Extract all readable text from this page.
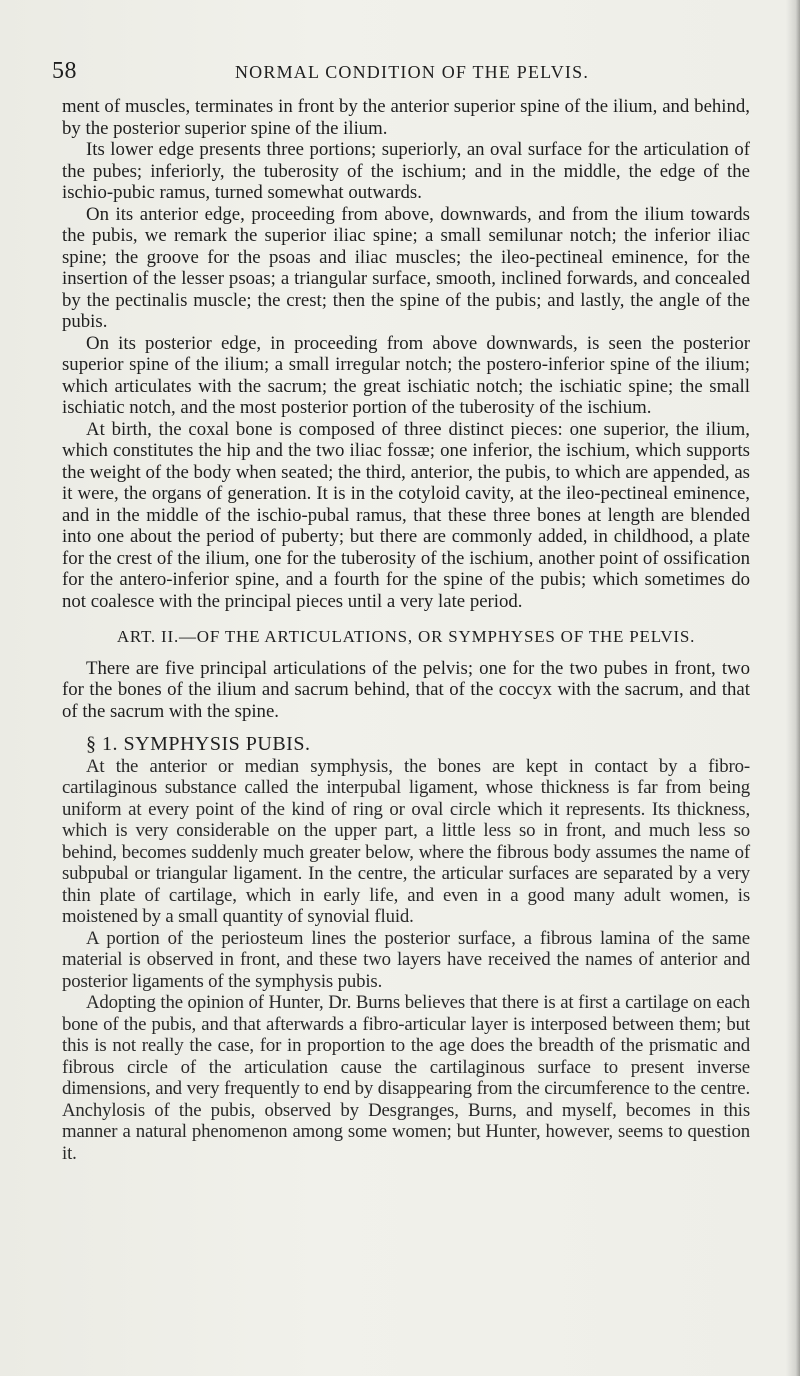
58	NORMAL CONDITION OF THE PELVIS.

ment of muscles, terminates in front by the anterior superior spine of the ilium, and behind, by the posterior superior spine of the ilium.

Its lower edge presents three portions; superiorly, an oval surface for the articulation of the pubes; inferiorly, the tuberosity of the ischium; and in the middle, the edge of the ischio-pubic ramus, turned somewhat outwards.

On its anterior edge, proceeding from above, downwards, and from the ilium towards the pubis, we remark the superior iliac spine; a small semilunar notch; the inferior iliac spine; the groove for the psoas and iliac muscles; the ileo-pectineal eminence, for the insertion of the lesser psoas; a triangular surface, smooth, inclined forwards, and concealed by the pectinalis muscle; the crest; then the spine of the pubis; and lastly, the angle of the pubis.

On its posterior edge, in proceeding from above downwards, is seen the posterior superior spine of the ilium; a small irregular notch; the postero-inferior spine of the ilium; which articulates with the sacrum; the great ischiatic notch; the ischiatic spine; the small ischiatic notch, and the most posterior portion of the tuberosity of the ischium.

At birth, the coxal bone is composed of three distinct pieces: one superior, the ilium, which constitutes the hip and the two iliac fossæ; one inferior, the ischium, which supports the weight of the body when seated; the third, anterior, the pubis, to which are appended, as it were, the organs of generation. It is in the cotyloid cavity, at the ileo-pectineal eminence, and in the middle of the ischio-pubal ramus, that these three bones at length are blended into one about the period of puberty; but there are commonly added, in childhood, a plate for the crest of the ilium, one for the tuberosity of the ischium, another point of ossification for the antero-inferior spine, and a fourth for the spine of the pubis; which sometimes do not coalesce with the principal pieces until a very late period.

ART. II.—OF THE ARTICULATIONS, OR SYMPHYSES OF THE PELVIS.

There are five principal articulations of the pelvis; one for the two pubes in front, two for the bones of the ilium and sacrum behind, that of the coccyx with the sacrum, and that of the sacrum with the spine.

§ 1. SYMPHYSIS PUBIS.

At the anterior or median symphysis, the bones are kept in contact by a fibro-cartilaginous substance called the interpubal ligament, whose thickness is far from being uniform at every point of the kind of ring or oval circle which it represents. Its thickness, which is very considerable on the upper part, a little less so in front, and much less so behind, becomes suddenly much greater below, where the fibrous body assumes the name of subpubal or triangular ligament. In the centre, the articular surfaces are separated by a very thin plate of cartilage, which in early life, and even in a good many adult women, is moistened by a small quantity of synovial fluid.

A portion of the periosteum lines the posterior surface, a fibrous lamina of the same material is observed in front, and these two layers have received the names of anterior and posterior ligaments of the symphysis pubis.

Adopting the opinion of Hunter, Dr. Burns believes that there is at first a cartilage on each bone of the pubis, and that afterwards a fibro-articular layer is interposed between them; but this is not really the case, for in proportion to the age does the breadth of the prismatic and fibrous circle of the articulation cause the cartilaginous surface to present inverse dimensions, and very frequently to end by disappearing from the circumference to the centre. Anchylosis of the pubis, observed by Desgranges, Burns, and myself, becomes in this manner a natural phenomenon among some women; but Hunter, however, seems to question it.
